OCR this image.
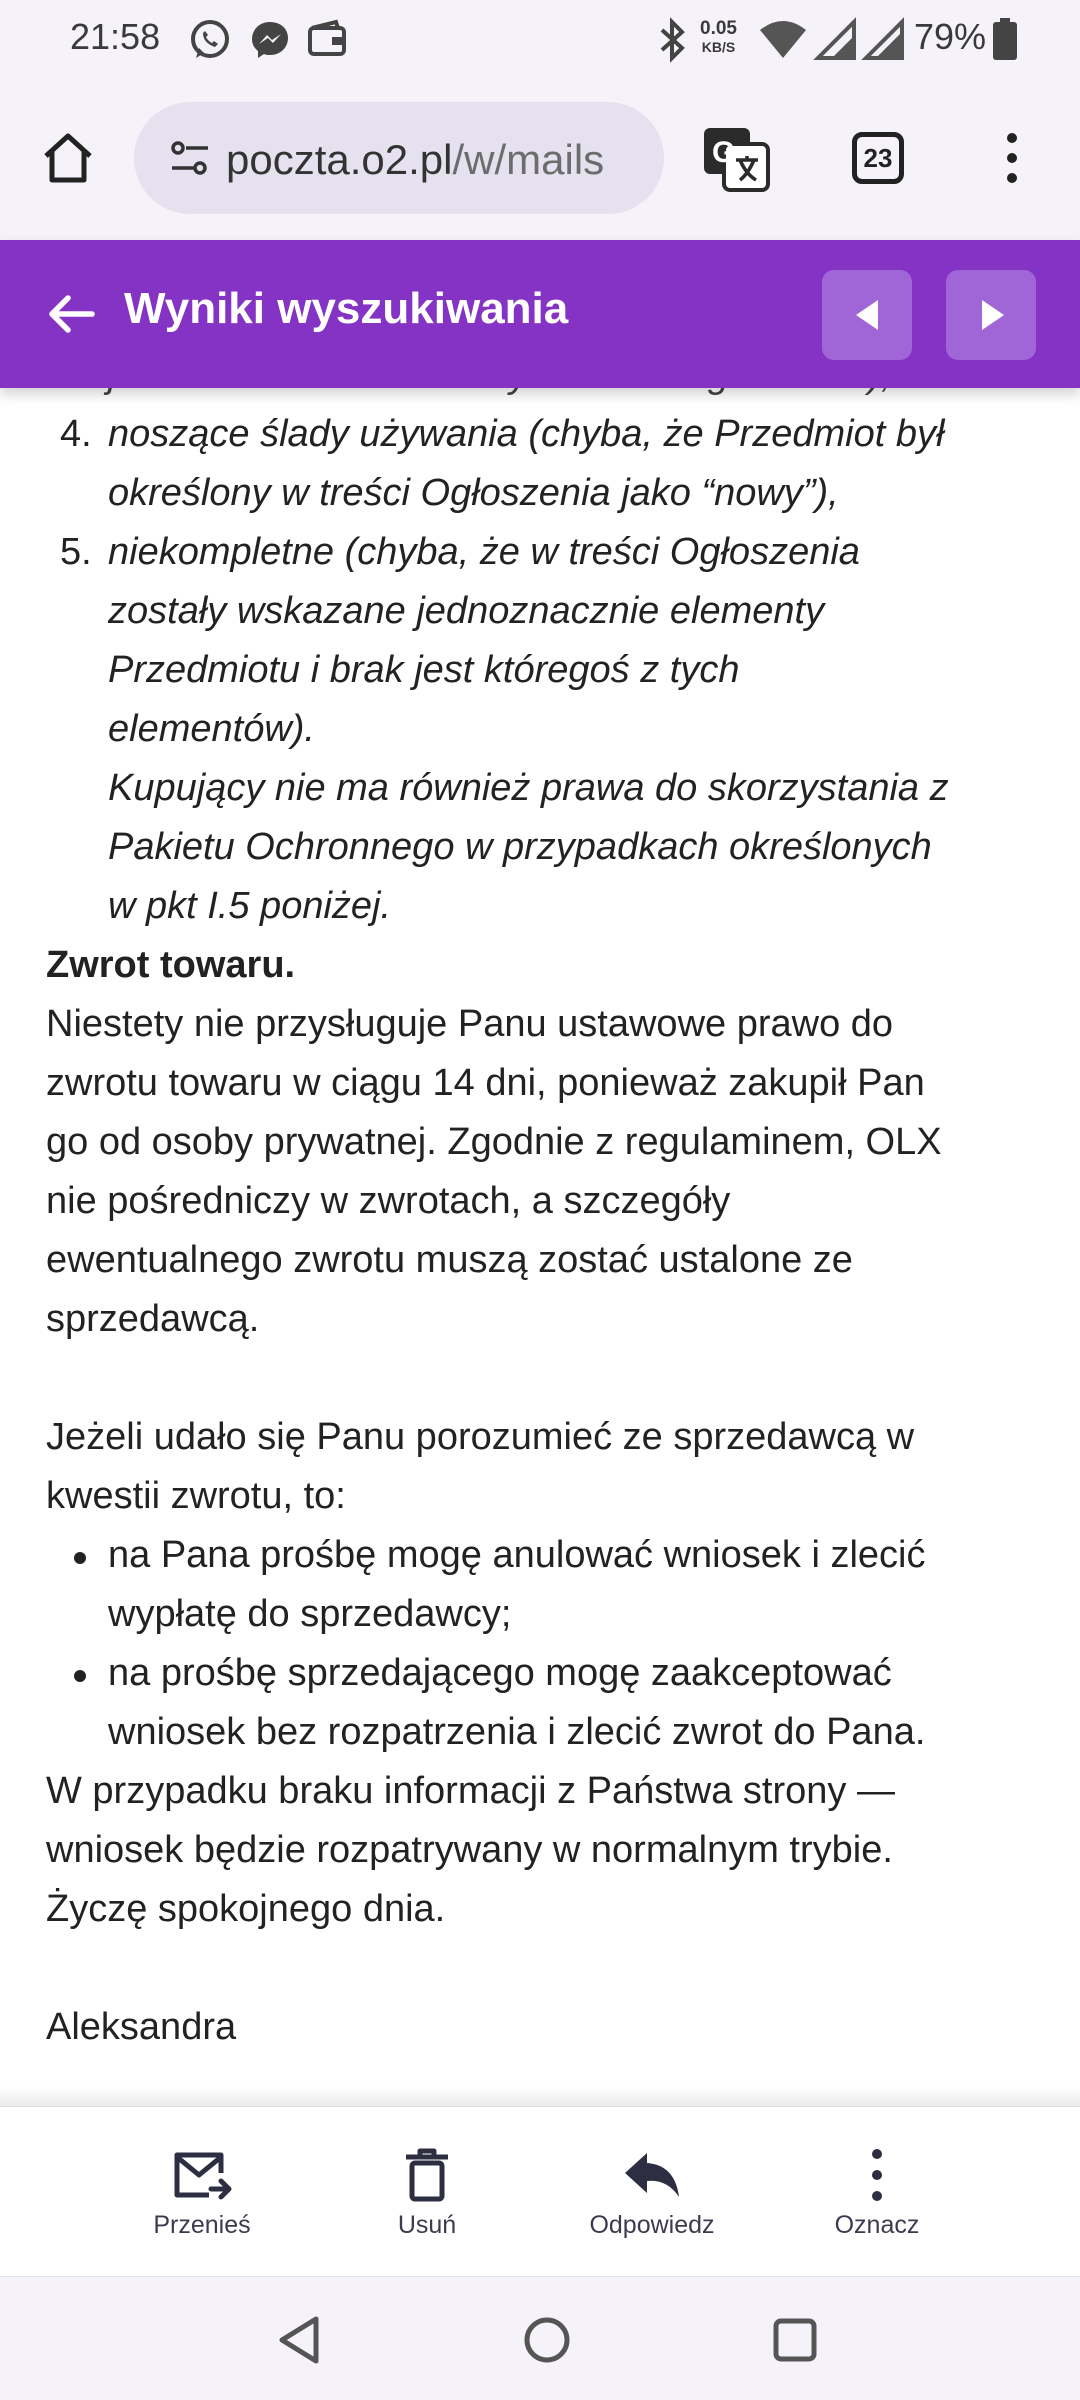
21:58	0.05
KB/S	79%
poczta.o2.pl/w/mails	G	23
Wyniki wyszukiwania
4. noszące ślady używania (chyba, że Przedmiot był
określony w treści Ogłoszenia jako “nowy”),
5. niekompletne (chyba, że w treści Ogłoszenia
zostały wskazane jednoznacznie elementy
Przedmiotu i brak jest któregoś z tych
elementów).
Kupujący nie ma również prawa do skorzystania z
Pakietu Ochronnego w przypadkach określonych
w pkt I.5 poniżej.
Zwrot towaru.
Niestety nie przysługuje Panu ustawowe prawo do
zwrotu towaru w ciągu 14 dni, ponieważ zakupił Pan
go od osoby prywatnej. Zgodnie z regulaminem, OLX
nie pośredniczy w zwrotach, a szczegóły
ewentualnego zwrotu muszą zostać ustalone ze
sprzedawcą.
Jeżeli udało się Panu porozumieć ze sprzedawcą w
kwestii zwrotu, to:
na Pana prośbę mogę anulować wniosek i zlecić
wypłatę do sprzedawcy;
na prośbę sprzedającego mogę zaakceptować
wniosek bez rozpatrzenia i zlecić zwrot do Pana.
W przypadku braku informacji z Państwa strony —
wniosek będzie rozpatrywany w normalnym trybie.
Życzę spokojnego dnia.
Aleksandra
Przenieś	Usuń	Odpowiedz	Oznacz
